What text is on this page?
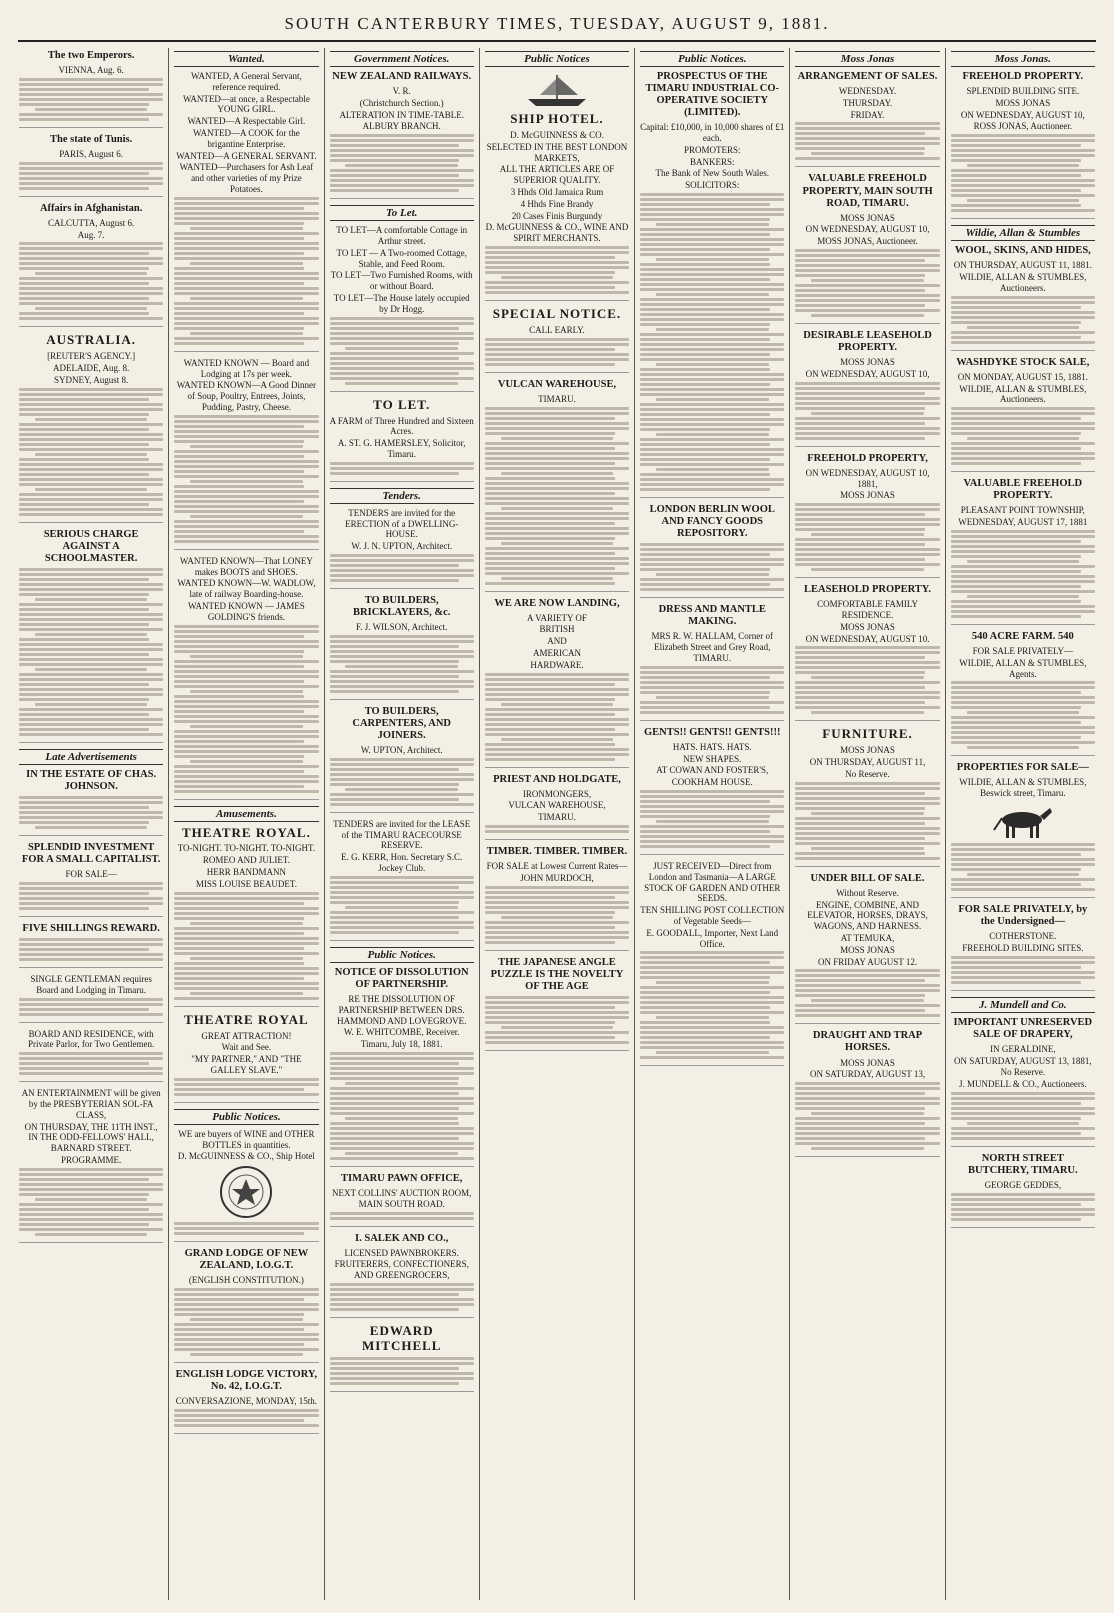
SOUTH CANTERBURY TIMES, TUESDAY, AUGUST 9, 1881.
The two Emperors.
VIENNA, Aug. 6.
The state of Tunis.
PARIS, August 6.
Affairs in Afghanistan.
CALCUTTA, August 6.
Aug. 7.
AUSTRALIA.
[REUTER'S AGENCY.]
ADELAIDE, Aug. 8.
SYDNEY, August 8.
SERIOUS CHARGE AGAINST A SCHOOLMASTER.
Late Advertisements
IN THE ESTATE OF CHAS. JOHNSON.
SPLENDID INVESTMENT FOR A SMALL CAPITALIST.
FOR SALE—
FIVE SHILLINGS REWARD.
SINGLE GENTLEMAN requires Board and Lodging in Timaru.
BOARD AND RESIDENCE, with Private Parlor, for Two Gentlemen.
AN ENTERTAINMENT will be given by the PRESBYTERIAN SOL-FA CLASS,
ON THURSDAY, THE 11TH INST., IN THE ODD-FELLOWS' HALL, BARNARD STREET.
PROGRAMME.
Wanted.
WANTED, A General Servant, reference required.
WANTED—at once, a Respectable YOUNG GIRL.
WANTED—A Respectable Girl.
WANTED—A COOK for the brigantine Enterprise.
WANTED—A GENERAL SERVANT.
WANTED—Purchasers for Ash Leaf and other varieties of my Prize Potatoes.
WANTED KNOWN — Board and Lodging at 17s per week.
WANTED KNOWN—A Good Dinner of Soup, Poultry, Entrees, Joints, Pudding, Pastry, Cheese.
WANTED KNOWN—That LONEY makes BOOTS and SHOES.
WANTED KNOWN—W. WADLOW, late of railway Boarding-house.
WANTED KNOWN — JAMES GOLDING'S friends.
Amusements.
THEATRE ROYAL.
TO-NIGHT. TO-NIGHT. TO-NIGHT.
ROMEO AND JULIET.
HERR BANDMANN
MISS LOUISE BEAUDET.
THEATRE ROYAL
GREAT ATTRACTION!
Wait and See.
"MY PARTNER," AND "THE GALLEY SLAVE."
Public Notices.
WE are buyers of WINE and OTHER BOTTLES in quantities.
D. McGUINNESS & CO., Ship Hotel
GRAND LODGE OF NEW ZEALAND, I.O.G.T.
(ENGLISH CONSTITUTION.)
ENGLISH LODGE VICTORY, No. 42, I.O.G.T.
CONVERSAZIONE, MONDAY, 15th.
Government Notices.
NEW ZEALAND RAILWAYS.
V. R.
(Christchurch Section.)
ALTERATION IN TIME-TABLE.
ALBURY BRANCH.
To Let.
TO LET—A comfortable Cottage in Arthur street.
TO LET — A Two-roomed Cottage, Stable, and Feed Room.
TO LET—Two Furnished Rooms, with or without Board.
TO LET—The House lately occupied by Dr Hogg.
TO LET.
A FARM of Three Hundred and Sixteen Acres.
A. ST. G. HAMERSLEY, Solicitor, Timaru.
Tenders.
TENDERS are invited for the ERECTION of a DWELLING-HOUSE.
W. J. N. UPTON, Architect.
TO BUILDERS, BRICKLAYERS, &c.
F. J. WILSON, Architect.
TO BUILDERS, CARPENTERS, AND JOINERS.
W. UPTON, Architect.
TENDERS are invited for the LEASE of the TIMARU RACECOURSE RESERVE.
E. G. KERR, Hon. Secretary S.C. Jockey Club.
Public Notices.
NOTICE OF DISSOLUTION OF PARTNERSHIP.
RE THE DISSOLUTION OF PARTNERSHIP BETWEEN DRS. HAMMOND AND LOVEGROVE.
W. E. WHITCOMBE, Receiver.
Timaru, July 18, 1881.
TIMARU PAWN OFFICE,
NEXT COLLINS' AUCTION ROOM, MAIN SOUTH ROAD.
I. SALEK AND CO.,
LICENSED PAWNBROKERS.
FRUITERERS, CONFECTIONERS, AND GREENGROCERS,
EDWARD MITCHELL
Public Notices
SHIP HOTEL.
D. McGUINNESS & CO.
SELECTED IN THE BEST LONDON MARKETS,
ALL THE ARTICLES ARE OF SUPERIOR QUALITY.
3 Hhds Old Jamaica Rum
4 Hhds Fine Brandy
20 Cases Finis Burgundy
D. McGUINNESS & CO., WINE AND SPIRIT MERCHANTS.
SPECIAL NOTICE.
CALL EARLY.
VULCAN WAREHOUSE,
TIMARU.
WE ARE NOW LANDING,
A VARIETY OF
BRITISH
AND
AMERICAN
HARDWARE.
PRIEST AND HOLDGATE,
IRONMONGERS,
VULCAN WAREHOUSE,
TIMARU.
TIMBER. TIMBER. TIMBER.
FOR SALE at Lowest Current Rates—
JOHN MURDOCH,
THE JAPANESE ANGLE PUZZLE IS THE NOVELTY OF THE AGE
Public Notices.
PROSPECTUS OF THE TIMARU INDUSTRIAL CO-OPERATIVE SOCIETY (LIMITED).
Capital: £10,000, in 10,000 shares of £1 each.
PROMOTERS:
BANKERS:
The Bank of New South Wales.
SOLICITORS:
LONDON BERLIN WOOL AND FANCY GOODS REPOSITORY.
DRESS AND MANTLE MAKING.
MRS R. W. HALLAM, Corner of Elizabeth Street and Grey Road, TIMARU.
GENTS!! GENTS!! GENTS!!!
HATS. HATS. HATS.
NEW SHAPES.
AT COWAN AND FOSTER'S,
COOKHAM HOUSE.
JUST RECEIVED—Direct from London and Tasmania—A LARGE STOCK OF GARDEN AND OTHER SEEDS.
TEN SHILLING POST COLLECTION of Vegetable Seeds—
E. GOODALL, Importer, Next Land Office.
Moss Jonas
ARRANGEMENT OF SALES.
WEDNESDAY.
THURSDAY.
FRIDAY.
VALUABLE FREEHOLD PROPERTY, MAIN SOUTH ROAD, TIMARU.
MOSS JONAS
ON WEDNESDAY, AUGUST 10,
MOSS JONAS, Auctioneer.
DESIRABLE LEASEHOLD PROPERTY.
MOSS JONAS
ON WEDNESDAY, AUGUST 10,
FREEHOLD PROPERTY,
ON WEDNESDAY, AUGUST 10, 1881,
MOSS JONAS
LEASEHOLD PROPERTY.
COMFORTABLE FAMILY RESIDENCE.
MOSS JONAS
ON WEDNESDAY, AUGUST 10.
FURNITURE.
MOSS JONAS
ON THURSDAY, AUGUST 11,
No Reserve.
UNDER BILL OF SALE.
Without Reserve.
ENGINE, COMBINE, AND ELEVATOR, HORSES, DRAYS, WAGONS, AND HARNESS.
AT TEMUKA,
MOSS JONAS
ON FRIDAY AUGUST 12.
DRAUGHT AND TRAP HORSES.
MOSS JONAS
ON SATURDAY, AUGUST 13,
Moss Jonas.
FREEHOLD PROPERTY.
SPLENDID BUILDING SITE.
MOSS JONAS
ON WEDNESDAY, AUGUST 10,
ROSS JONAS, Auctioneer.
Wildie, Allan & Stumbles
WOOL, SKINS, AND HIDES,
ON THURSDAY, AUGUST 11, 1881.
WILDIE, ALLAN & STUMBLES, Auctioneers.
WASHDYKE STOCK SALE,
ON MONDAY, AUGUST 15, 1881.
WILDIE, ALLAN & STUMBLES, Auctioneers.
VALUABLE FREEHOLD PROPERTY.
PLEASANT POINT TOWNSHIP,
WEDNESDAY, AUGUST 17, 1881
540 ACRE FARM. 540
FOR SALE PRIVATELY—
WILDIE, ALLAN & STUMBLES, Agents.
PROPERTIES FOR SALE—
WILDIE, ALLAN & STUMBLES, Beswick street, Timaru.
FOR SALE PRIVATELY, by the Undersigned—
COTHERSTONE.
FREEHOLD BUILDING SITES.
J. Mundell and Co.
IMPORTANT UNRESERVED SALE OF DRAPERY,
IN GERALDINE,
ON SATURDAY, AUGUST 13, 1881,
No Reserve.
J. MUNDELL & CO., Auctioneers.
NORTH STREET BUTCHERY, TIMARU.
GEORGE GEDDES,
